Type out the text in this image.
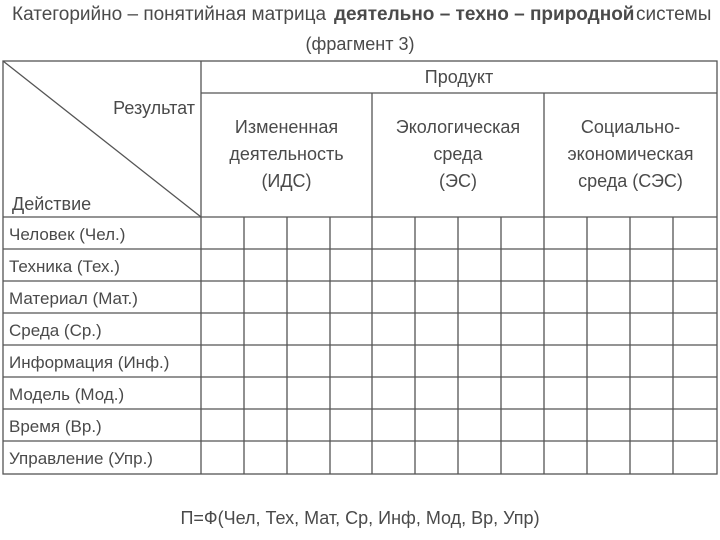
Категорийно – понятийная матрица деятельно – техно – природной системы
(фрагмент 3)
Результат
Действие
Продукт
Измененная
деятельность
(ИДС)
Экологическая
среда
(ЭС)
Социально-
экономическая
среда (СЭС)
Человек (Чел.)
Техника (Тех.)
Материал (Мат.)
Среда (Ср.)
Информация (Инф.)
Модель (Мод.)
Время (Вр.)
Управление (Упр.)
П=Ф(Чел, Тех, Мат, Ср, Инф, Мод, Вр, Упр)
